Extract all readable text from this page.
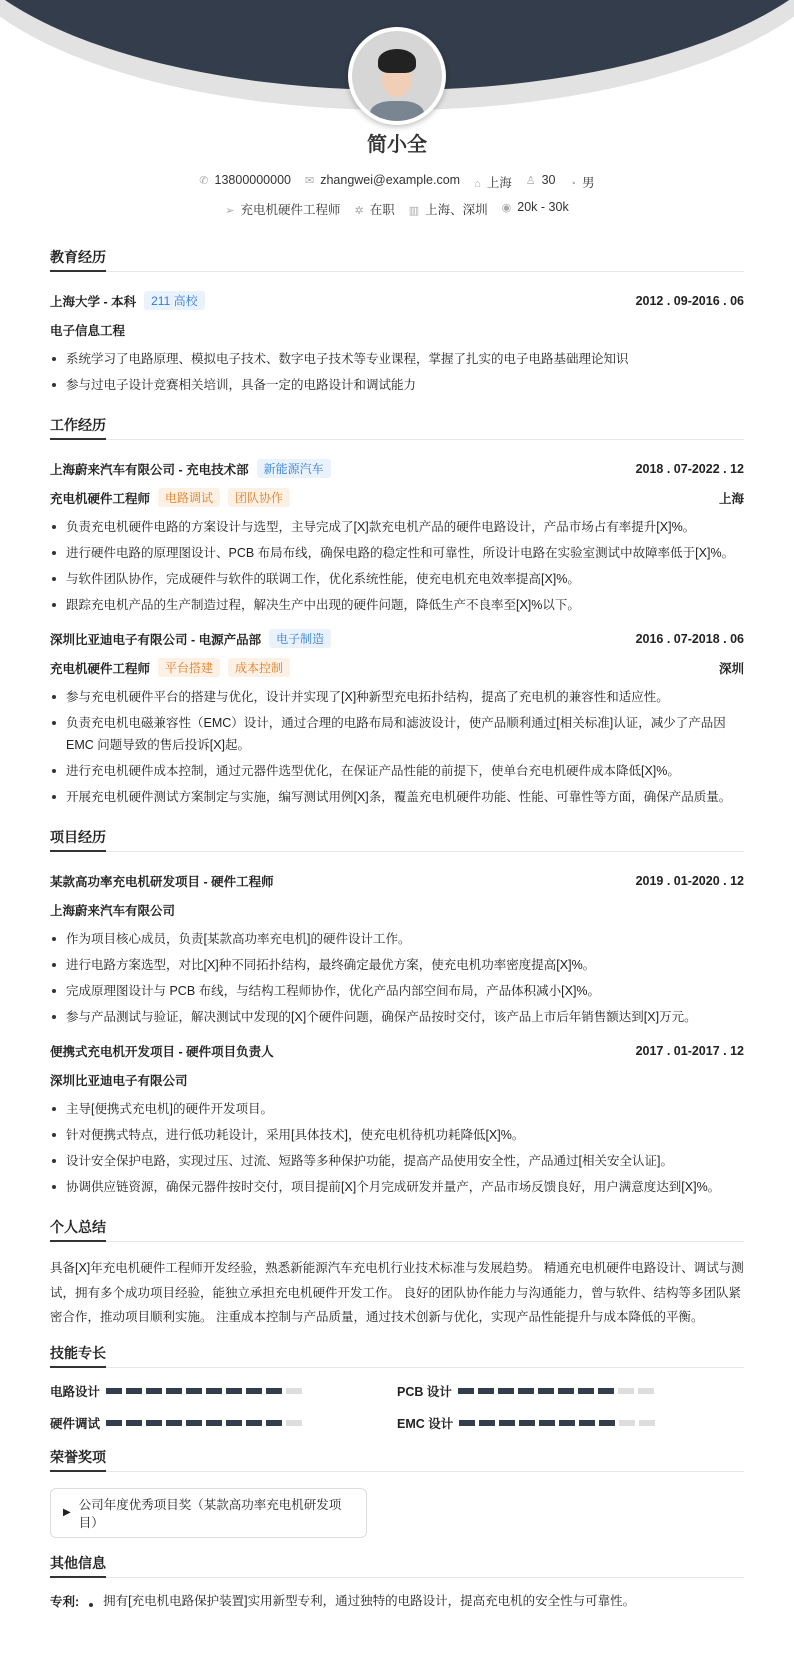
简小全
✆ 13800000000 ✉ zhangwei@example.com ⌂ 上海 ♙ 30 ◔ 男
➢ 充电机硬件工程师 ✲ 在职 ▥ 上海、深圳 ◉ 20k - 30k
教育经历
上海大学 - 本科	211 高校	2012 . 09-2016 . 06
电子信息工程
系统学习了电路原理、模拟电子技术、数字电子技术等专业课程，掌握了扎实的电子电路基础理论知识
参与过电子设计竞赛相关培训，具备一定的电路设计和调试能力
工作经历
上海蔚来汽车有限公司 - 充电技术部	新能源汽车	2018 . 07-2022 . 12
充电机硬件工程师	电路调试	团队协作	上海
负责充电机硬件电路的方案设计与选型，主导完成了[X]款充电机产品的硬件电路设计，产品市场占有率提升[X]%。
进行硬件电路的原理图设计、PCB 布局布线，确保电路的稳定性和可靠性，所设计电路在实验室测试中故障率低于[X]%。
与软件团队协作，完成硬件与软件的联调工作，优化系统性能，使充电机充电效率提高[X]%。
跟踪充电机产品的生产制造过程，解决生产中出现的硬件问题，降低生产不良率至[X]%以下。
深圳比亚迪电子有限公司 - 电源产品部	电子制造	2016 . 07-2018 . 06
充电机硬件工程师	平台搭建	成本控制	深圳
参与充电机硬件平台的搭建与优化，设计并实现了[X]种新型充电拓扑结构，提高了充电机的兼容性和适应性。
负责充电机电磁兼容性（EMC）设计，通过合理的电路布局和滤波设计，使产品顺利通过[相关标准]认证，减少了产品因 EMC 问题导致的售后投诉[X]起。
进行充电机硬件成本控制，通过元器件选型优化，在保证产品性能的前提下，使单台充电机硬件成本降低[X]%。
开展充电机硬件测试方案制定与实施，编写测试用例[X]条，覆盖充电机硬件功能、性能、可靠性等方面，确保产品质量。
项目经历
某款高功率充电机研发项目 - 硬件工程师	2019 . 01-2020 . 12
上海蔚来汽车有限公司
作为项目核心成员，负责[某款高功率充电机]的硬件设计工作。
进行电路方案选型，对比[X]种不同拓扑结构，最终确定最优方案，使充电机功率密度提高[X]%。
完成原理图设计与 PCB 布线，与结构工程师协作，优化产品内部空间布局，产品体积减小[X]%。
参与产品测试与验证，解决测试中发现的[X]个硬件问题，确保产品按时交付，该产品上市后年销售额达到[X]万元。
便携式充电机开发项目 - 硬件项目负责人	2017 . 01-2017 . 12
深圳比亚迪电子有限公司
主导[便携式充电机]的硬件开发项目。
针对便携式特点，进行低功耗设计，采用[具体技术]，使充电机待机功耗降低[X]%。
设计安全保护电路，实现过压、过流、短路等多种保护功能，提高产品使用安全性，产品通过[相关安全认证]。
协调供应链资源，确保元器件按时交付，项目提前[X]个月完成研发并量产，产品市场反馈良好，用户满意度达到[X]%。
个人总结

具备[X]年充电机硬件工程师开发经验，熟悉新能源汽车充电机行业技术标准与发展趋势。 精通充电机硬件电路设计、调试与测试，拥有多个成功项目经验，能独立承担充电机硬件开发工作。 良好的团队协作能力与沟通能力，曾与软件、结构等多团队紧密合作，推动项目顺利实施。 注重成本控制与产品质量，通过技术创新与优化，实现产品性能提升与成本降低的平衡。

技能专长
电路设计	PCB 设计
硬件调试	EMC 设计
荣誉奖项
▶
公司年度优秀项目奖（某款高功率充电机研发项目）
其他信息
专利:	拥有[充电机电路保护装置]实用新型专利，通过独特的电路设计，提高充电机的安全性与可靠性。
